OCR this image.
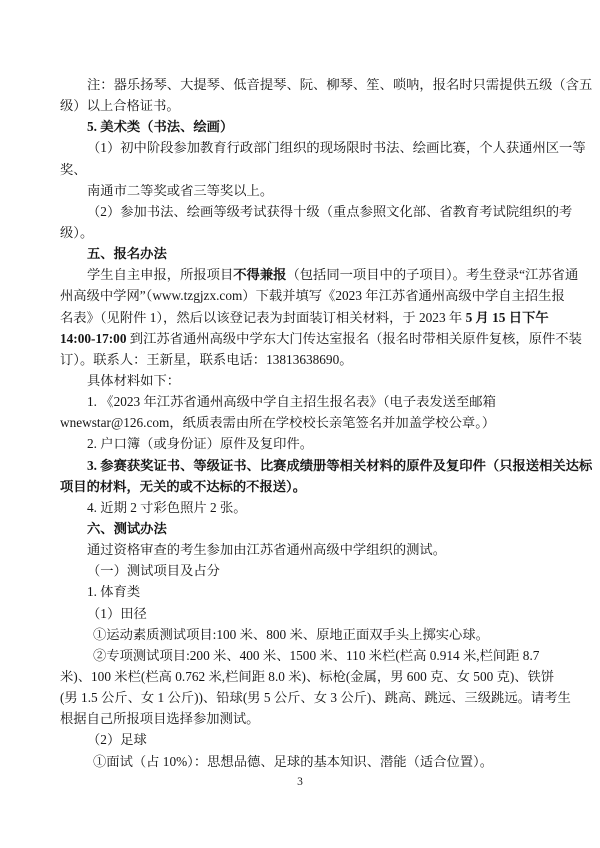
注：器乐扬琴、大提琴、低音提琴、阮、柳琴、笙、唢呐，报名时只需提供五级（含五
级）以上合格证书。
5. 美术类（书法、绘画）
（1）初中阶段参加教育行政部门组织的现场限时书法、绘画比赛，个人获通州区一等
奖、
南通市二等奖或省三等奖以上。
（2）参加书法、绘画等级考试获得十级（重点参照文化部、省教育考试院组织的考
级）。
五、报名办法
学生自主申报，所报项目不得兼报（包括同一项目中的子项目）。考生登录“江苏省通
州高级中学网”（www.tzgjzx.com）下载并填写《2023 年江苏省通州高级中学自主招生报
名表》（见附件 1），然后以该登记表为封面装订相关材料，于 2023 年 5 月 15 日下午
14:00-17:00 到江苏省通州高级中学东大门传达室报名（报名时带相关原件复核，原件不装
订）。联系人：王新星，联系电话：13813638690。
具体材料如下：
1. 《2023 年江苏省通州高级中学自主招生报名表》（电子表发送至邮箱
wnewstar@126.com，纸质表需由所在学校校长亲笔签名并加盖学校公章。）
2. 户口簿（或身份证）原件及复印件。
3. 参赛获奖证书、等级证书、比赛成绩册等相关材料的原件及复印件（只报送相关达标
项目的材料，无关的或不达标的不报送）。
4. 近期 2 寸彩色照片 2 张。
六、测试办法
通过资格审查的考生参加由江苏省通州高级中学组织的测试。
（一）测试项目及占分
1. 体育类
（1）田径
①运动素质测试项目:100 米、800 米、原地正面双手头上掷实心球。
②专项测试项目:200 米、400 米、1500 米、110 米栏(栏高 0.914 米,栏间距 8.7
米)、100 米栏(栏高 0.762 米,栏间距 8.0 米)、标枪(金属，男 600 克、女 500 克)、铁饼
(男 1.5 公斤、女 1 公斤))、铅球(男 5 公斤、女 3 公斤)、跳高、跳远、三级跳远。请考生
根据自己所报项目选择参加测试。
（2）足球
①面试（占 10%）：思想品德、足球的基本知识、潜能（适合位置）。
3
